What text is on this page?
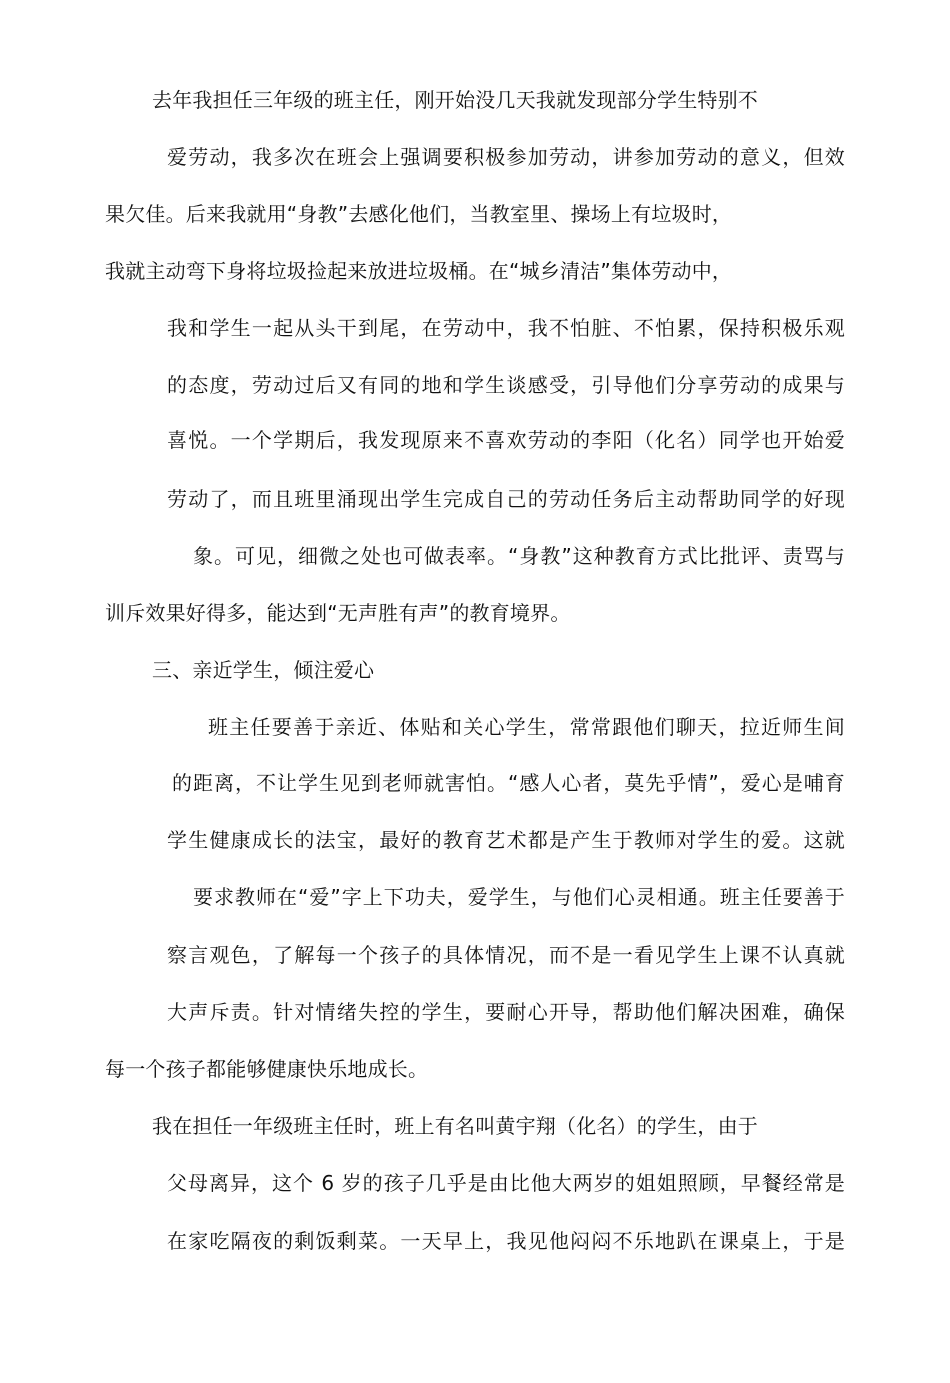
去年我担任三年级的班主任，刚开始没几天我就发现部分学生特别不
爱劳动，我多次在班会上强调要积极参加劳动，讲参加劳动的意义，但效
果欠佳。后来我就用“身教”去感化他们，当教室里、操场上有垃圾时，
我就主动弯下身将垃圾捡起来放进垃圾桶。在“城乡清洁”集体劳动中，
我和学生一起从头干到尾，在劳动中，我不怕脏、不怕累，保持积极乐观
的态度，劳动过后又有同的地和学生谈感受，引导他们分享劳动的成果与
喜悦。一个学期后，我发现原来不喜欢劳动的李阳（化名）同学也开始爱
劳动了，而且班里涌现出学生完成自己的劳动任务后主动帮助同学的好现
象。可见，细微之处也可做表率。“身教”这种教育方式比批评、责骂与
训斥效果好得多，能达到“无声胜有声”的教育境界。
三、亲近学生，倾注爱心
班主任要善于亲近、体贴和关心学生，常常跟他们聊天，拉近师生间
的距离，不让学生见到老师就害怕。“感人心者，莫先乎情”，爱心是哺育
学生健康成长的法宝，最好的教育艺术都是产生于教师对学生的爱。这就
要求教师在“爱”字上下功夫，爱学生，与他们心灵相通。班主任要善于
察言观色，了解每一个孩子的具体情况，而不是一看见学生上课不认真就
大声斥责。针对情绪失控的学生，要耐心开导，帮助他们解决困难，确保
每一个孩子都能够健康快乐地成长。
我在担任一年级班主任时，班上有名叫黄宇翔（化名）的学生，由于
父母离异，这个 6 岁的孩子几乎是由比他大两岁的姐姐照顾，早餐经常是
在家吃隔夜的剩饭剩菜。一天早上，我见他闷闷不乐地趴在课桌上，于是
